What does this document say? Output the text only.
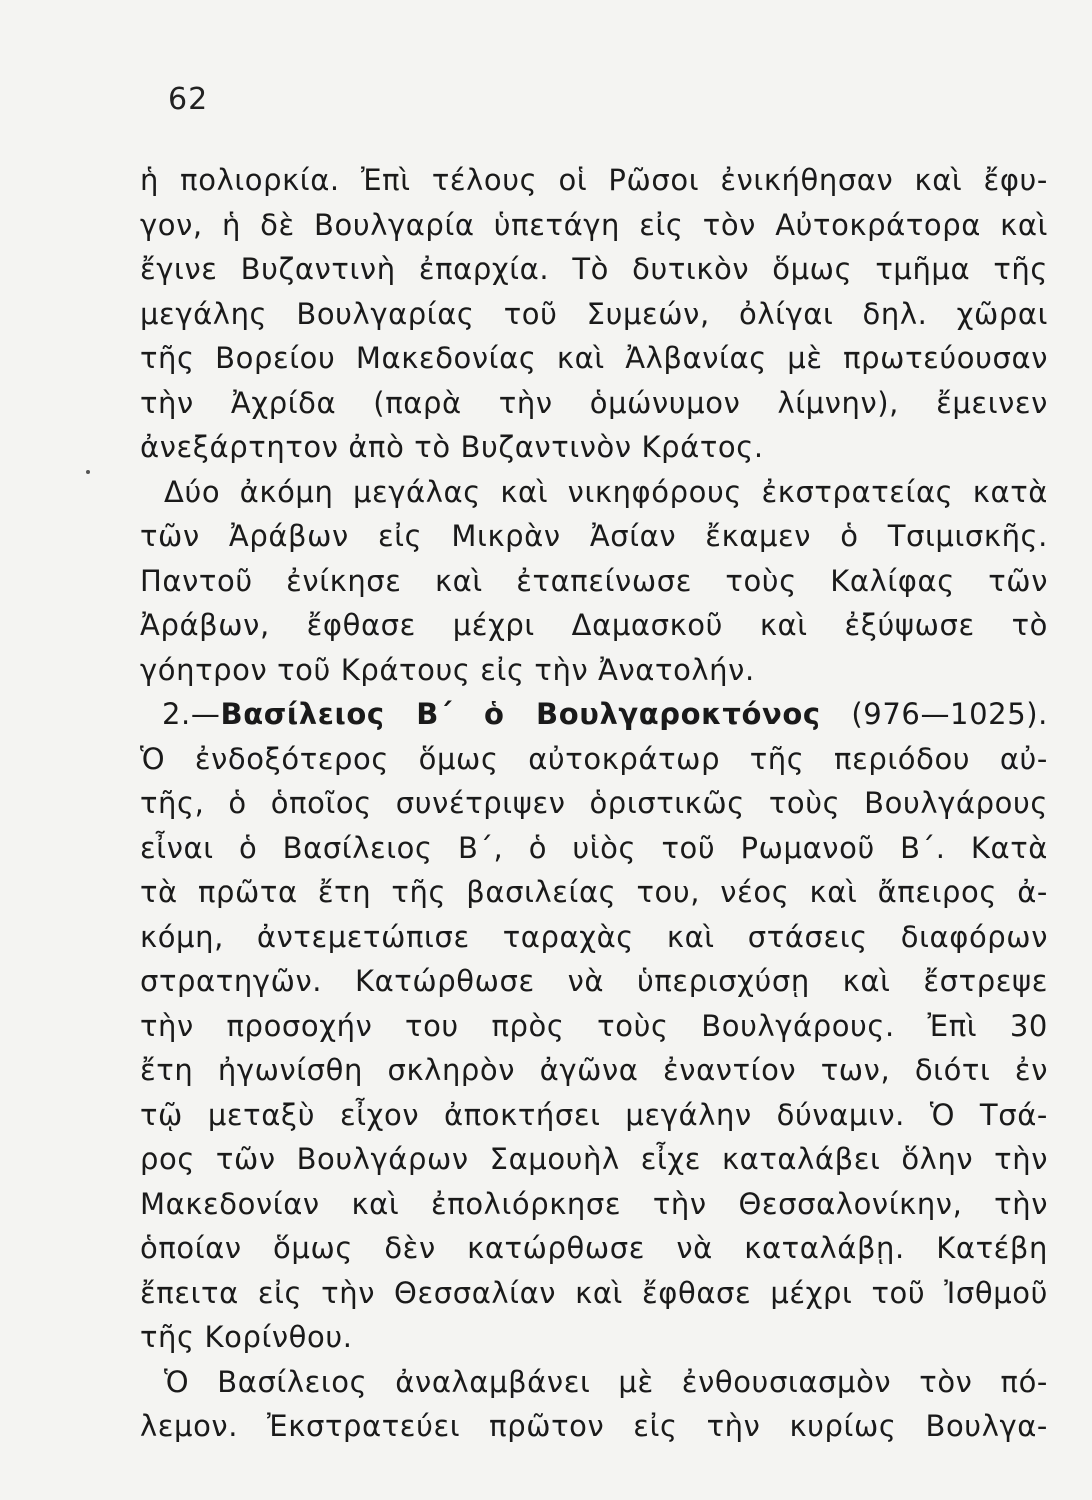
62
ἡ πολιορκία. Ἐπὶ τέλους οἱ Ρῶσοι ἐνικήθησαν καὶ ἔφυ-
γον, ἡ δὲ Βουλγαρία ὑπετάγη εἰς τὸν Αὐτοκράτορα καὶ
ἔγινε Βυζαντινὴ ἐπαρχία. Τὸ δυτικὸν ὅμως τμῆμα τῆς
μεγάλης Βουλγαρίας τοῦ Συμεών, ὀλίγαι δηλ. χῶραι
τῆς Βορείου Μακεδονίας καὶ Ἀλβανίας μὲ πρωτεύουσαν
τὴν Ἀχρίδα (παρὰ τὴν ὁμώνυμον λίμνην), ἔμεινεν
ἀνεξάρτητον ἀπὸ τὸ Βυζαντινὸν Κράτος.
Δύο ἀκόμη μεγάλας καὶ νικηφόρους ἐκστρατείας κατὰ
τῶν Ἀράβων εἰς Μικρὰν Ἀσίαν ἔκαμεν ὁ Τσιμισκῆς.
Παντοῦ ἐνίκησε καὶ ἐταπείνωσε τοὺς Καλίφας τῶν
Ἀράβων, ἔφθασε μέχρι Δαμασκοῦ καὶ ἐξύψωσε τὸ
γόητρον τοῦ Κράτους εἰς τὴν Ἀνατολήν.
2.—Βασίλειος Β΄ ὁ Βουλγαροκτόνος (976—1025).
Ὁ ἐνδοξότερος ὅμως αὐτοκράτωρ τῆς περιόδου αὐ-
τῆς, ὁ ὁποῖος συνέτριψεν ὁριστικῶς τοὺς Βουλγάρους
εἶναι ὁ Βασίλειος Β΄, ὁ υἱὸς τοῦ Ρωμανοῦ Β΄. Κατὰ
τὰ πρῶτα ἔτη τῆς βασιλείας του, νέος καὶ ἄπειρος ἀ-
κόμη, ἀντεμετώπισε ταραχὰς καὶ στάσεις διαφόρων
στρατηγῶν. Κατώρθωσε νὰ ὑπερισχύσῃ καὶ ἔστρεψε
τὴν προσοχήν του πρὸς τοὺς Βουλγάρους. Ἐπὶ 30
ἔτη ἠγωνίσθη σκληρὸν ἀγῶνα ἐναντίον των, διότι ἐν
τῷ μεταξὺ εἶχον ἀποκτήσει μεγάλην δύναμιν. Ὁ Τσά-
ρος τῶν Βουλγάρων Σαμουὴλ εἶχε καταλάβει ὅλην τὴν
Μακεδονίαν καὶ ἐπολιόρκησε τὴν Θεσσαλονίκην, τὴν
ὁποίαν ὅμως δὲν κατώρθωσε νὰ καταλάβῃ. Κατέβη
ἔπειτα εἰς τὴν Θεσσαλίαν καὶ ἔφθασε μέχρι τοῦ Ἰσθμοῦ
τῆς Κορίνθου.
Ὁ Βασίλειος ἀναλαμβάνει μὲ ἐνθουσιασμὸν τὸν πό-
λεμον. Ἐκστρατεύει πρῶτον εἰς τὴν κυρίως Βουλγα-
